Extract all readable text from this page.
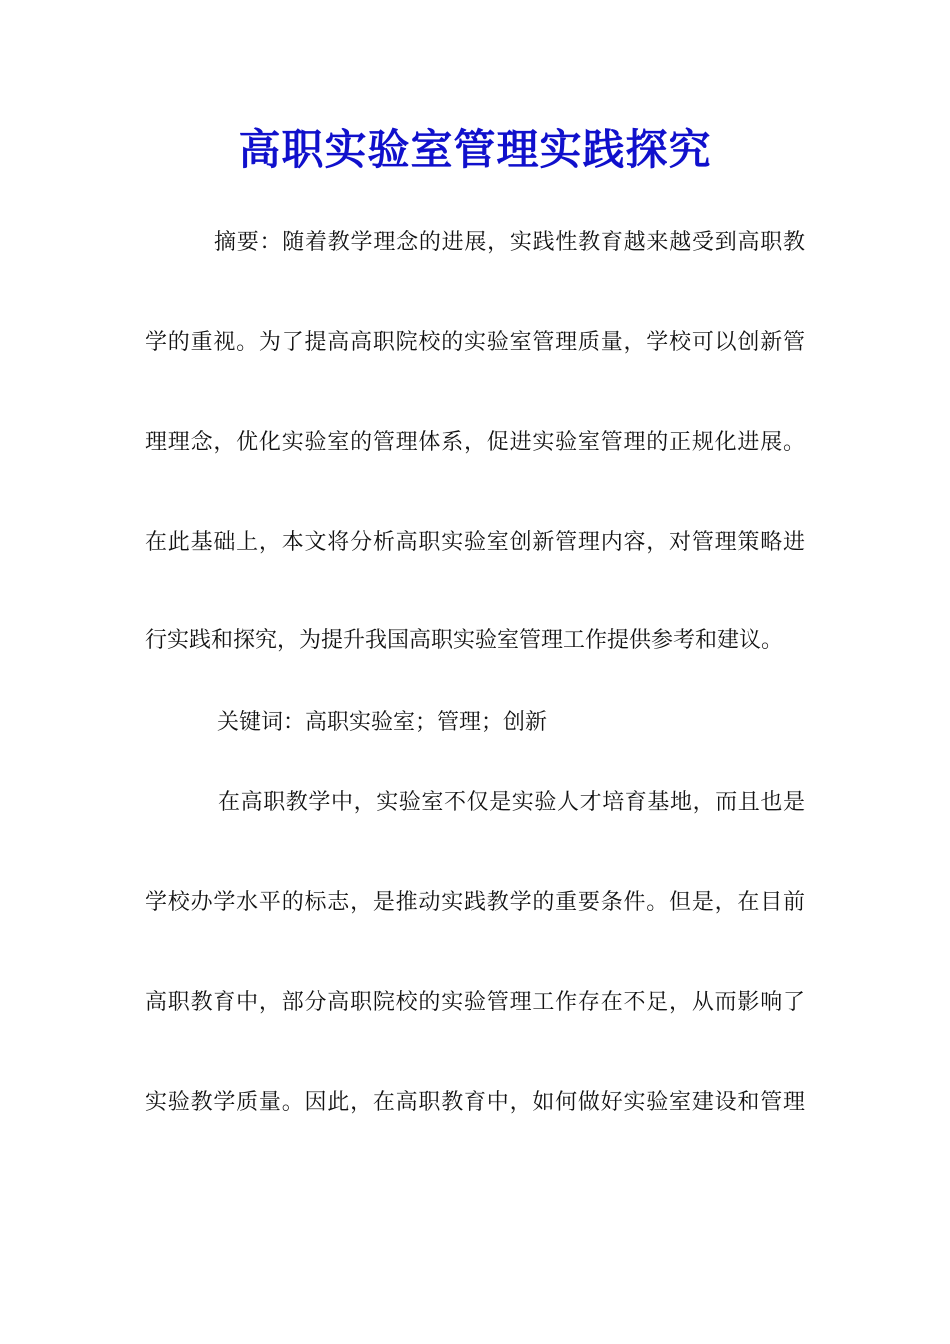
高职实验室管理实践探究
摘要：随着教学理念的进展，实践性教育越来越受到高职教
学的重视。为了提高高职院校的实验室管理质量，学校可以创新管
理理念，优化实验室的管理体系，促进实验室管理的正规化进展。
在此基础上，本文将分析高职实验室创新管理内容，对管理策略进
行实践和探究，为提升我国高职实验室管理工作提供参考和建议。
关键词：高职实验室；管理；创新
在高职教学中，实验室不仅是实验人才培育基地，而且也是
学校办学水平的标志，是推动实践教学的重要条件。但是，在目前
高职教育中，部分高职院校的实验管理工作存在不足，从而影响了
实验教学质量。因此，在高职教育中，如何做好实验室建设和管理
